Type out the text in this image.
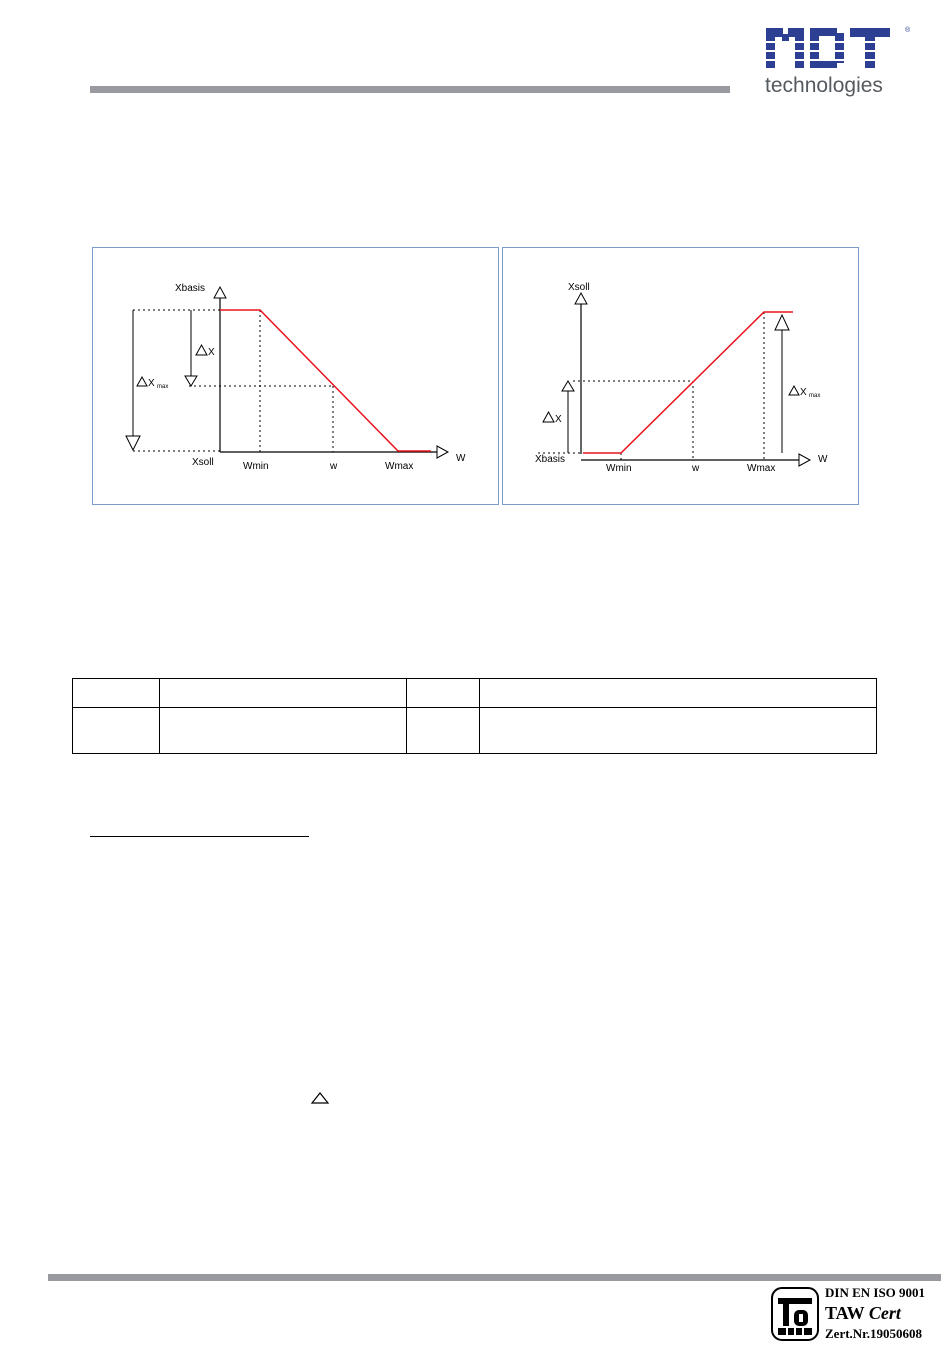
®
technologies
X
X max
Xbasis
Xsoll	W
Wmin	w	Wmax
X
X max
Xsoll
Xbasis	W
Wmin	w	Wmax

DIN EN ISO 9001
TAW Cert
Zert.Nr.19050608
